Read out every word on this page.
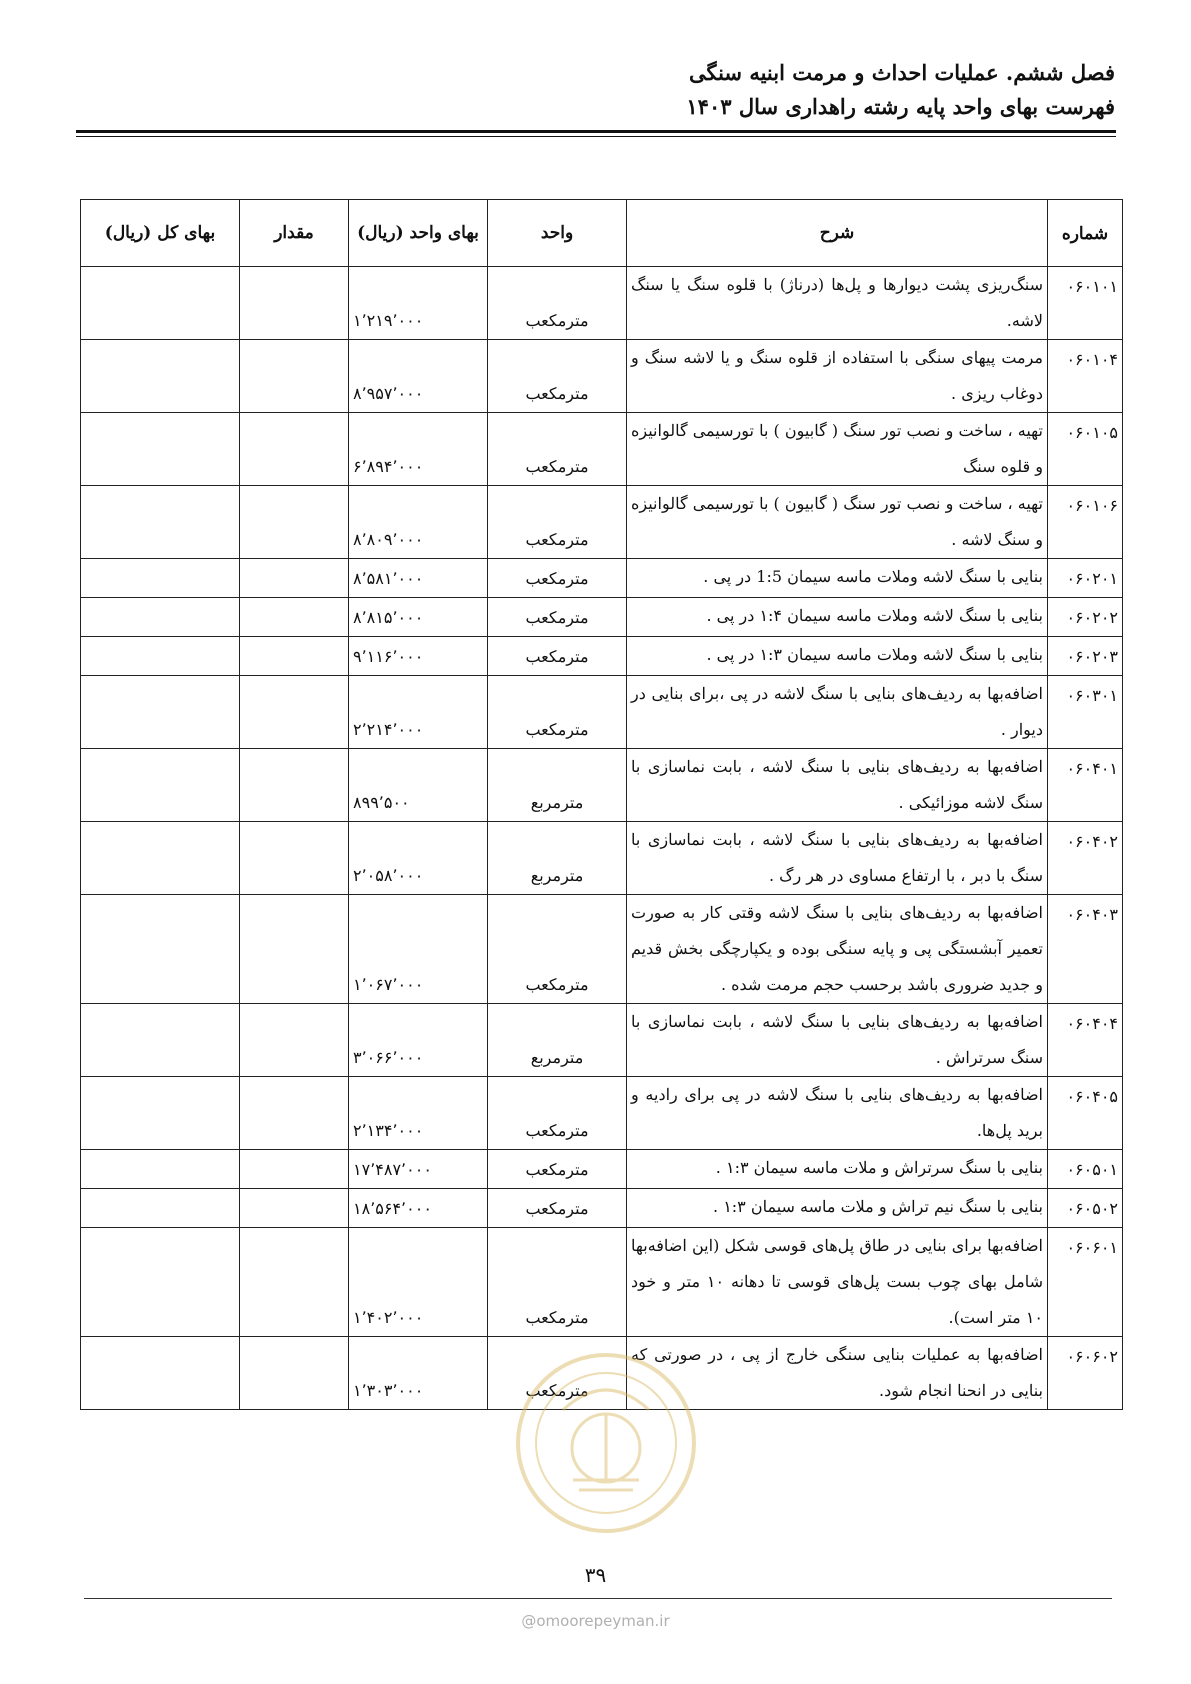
فصل ششم. عملیات احداث و مرمت ابنیه سنگی
فهرست بهای واحد پایه رشته راهداری سال ۱۴۰۳
شماره	شرح	واحد	بهای واحد (ریال)	مقدار	بهای کل (ریال)
۰۶۰۱۰۱	سنگ‌ریزی پشت دیوارها و پل‌ها (درناژ) با قلوه سنگ یا سنگ لاشه.	مترمکعب	۱٬۲۱۹٬۰۰۰		
۰۶۰۱۰۴	مرمت پیهای سنگی با استفاده از قلوه سنگ و یا لاشه سنگ و دوغاب ریزی .	مترمکعب	۸٬۹۵۷٬۰۰۰		
۰۶۰۱۰۵	تهیه ، ساخت و نصب تور سنگ ( گابیون ) با تورسیمی گالوانیزه و قلوه سنگ	مترمکعب	۶٬۸۹۴٬۰۰۰		
۰۶۰۱۰۶	تهیه ، ساخت و نصب تور سنگ ( گابیون ) با تورسیمی گالوانیزه و سنگ لاشه .	مترمکعب	۸٬۸۰۹٬۰۰۰		
۰۶۰۲۰۱	بنایی با سنگ لاشه وملات ماسه سیمان 1:5 در پی .	مترمکعب	۸٬۵۸۱٬۰۰۰		
۰۶۰۲۰۲	بنایی با سنگ لاشه وملات ماسه سیمان ۱:۴ در پی .	مترمکعب	۸٬۸۱۵٬۰۰۰		
۰۶۰۲۰۳	بنایی با سنگ لاشه وملات ماسه سیمان ۱:۳ در پی .	مترمکعب	۹٬۱۱۶٬۰۰۰		
۰۶۰۳۰۱	اضافه‌بها به ردیف‌های بنایی با سنگ لاشه در پی ،برای بنایی در دیوار .	مترمکعب	۲٬۲۱۴٬۰۰۰		
۰۶۰۴۰۱	اضافه‌بها به ردیف‌های بنایی با سنگ لاشه ، بابت نماسازی با سنگ لاشه موزائیکی .	مترمربع	۸۹۹٬۵۰۰		
۰۶۰۴۰۲	اضافه‌بها به ردیف‌های بنایی با سنگ لاشه ، بابت نماسازی با سنگ با دبر ، با ارتفاع مساوی در هر رگ .	مترمربع	۲٬۰۵۸٬۰۰۰		
۰۶۰۴۰۳	اضافه‌بها به ردیف‌های بنایی با سنگ لاشه وقتی کار به صورت تعمیر آبشستگی پی و پایه سنگی بوده و یکپارچگی بخش قدیم و جدید ضروری باشد برحسب حجم مرمت شده .	مترمکعب	۱٬۰۶۷٬۰۰۰		
۰۶۰۴۰۴	اضافه‌بها به ردیف‌های بنایی با سنگ لاشه ، بابت نماسازی با سنگ سرتراش .	مترمربع	۳٬۰۶۶٬۰۰۰		
۰۶۰۴۰۵	اضافه‌بها به ردیف‌های بنایی با سنگ لاشه در پی برای رادیه و برید پل‌ها.	مترمکعب	۲٬۱۳۴٬۰۰۰		
۰۶۰۵۰۱	بنایی با سنگ سرتراش و ملات ماسه سیمان ۱:۳ .	مترمکعب	۱۷٬۴۸۷٬۰۰۰		
۰۶۰۵۰۲	بنایی با سنگ نیم تراش و ملات ماسه سیمان ۱:۳ .	مترمکعب	۱۸٬۵۶۴٬۰۰۰		
۰۶۰۶۰۱	اضافه‌بها برای بنایی در طاق پل‌های قوسی شکل (این اضافه‌بها شامل بهای چوب بست پل‌های قوسی تا دهانه ۱۰ متر و خود ۱۰ متر است).	مترمکعب	۱٬۴۰۲٬۰۰۰		
۰۶۰۶۰۲	اضافه‌بها به عملیات بنایی سنگی خارج از پی ، در صورتی که بنایی در انحنا انجام شود.	مترمکعب	۱٬۳۰۳٬۰۰۰		
۳۹
@omoorepeyman.ir
